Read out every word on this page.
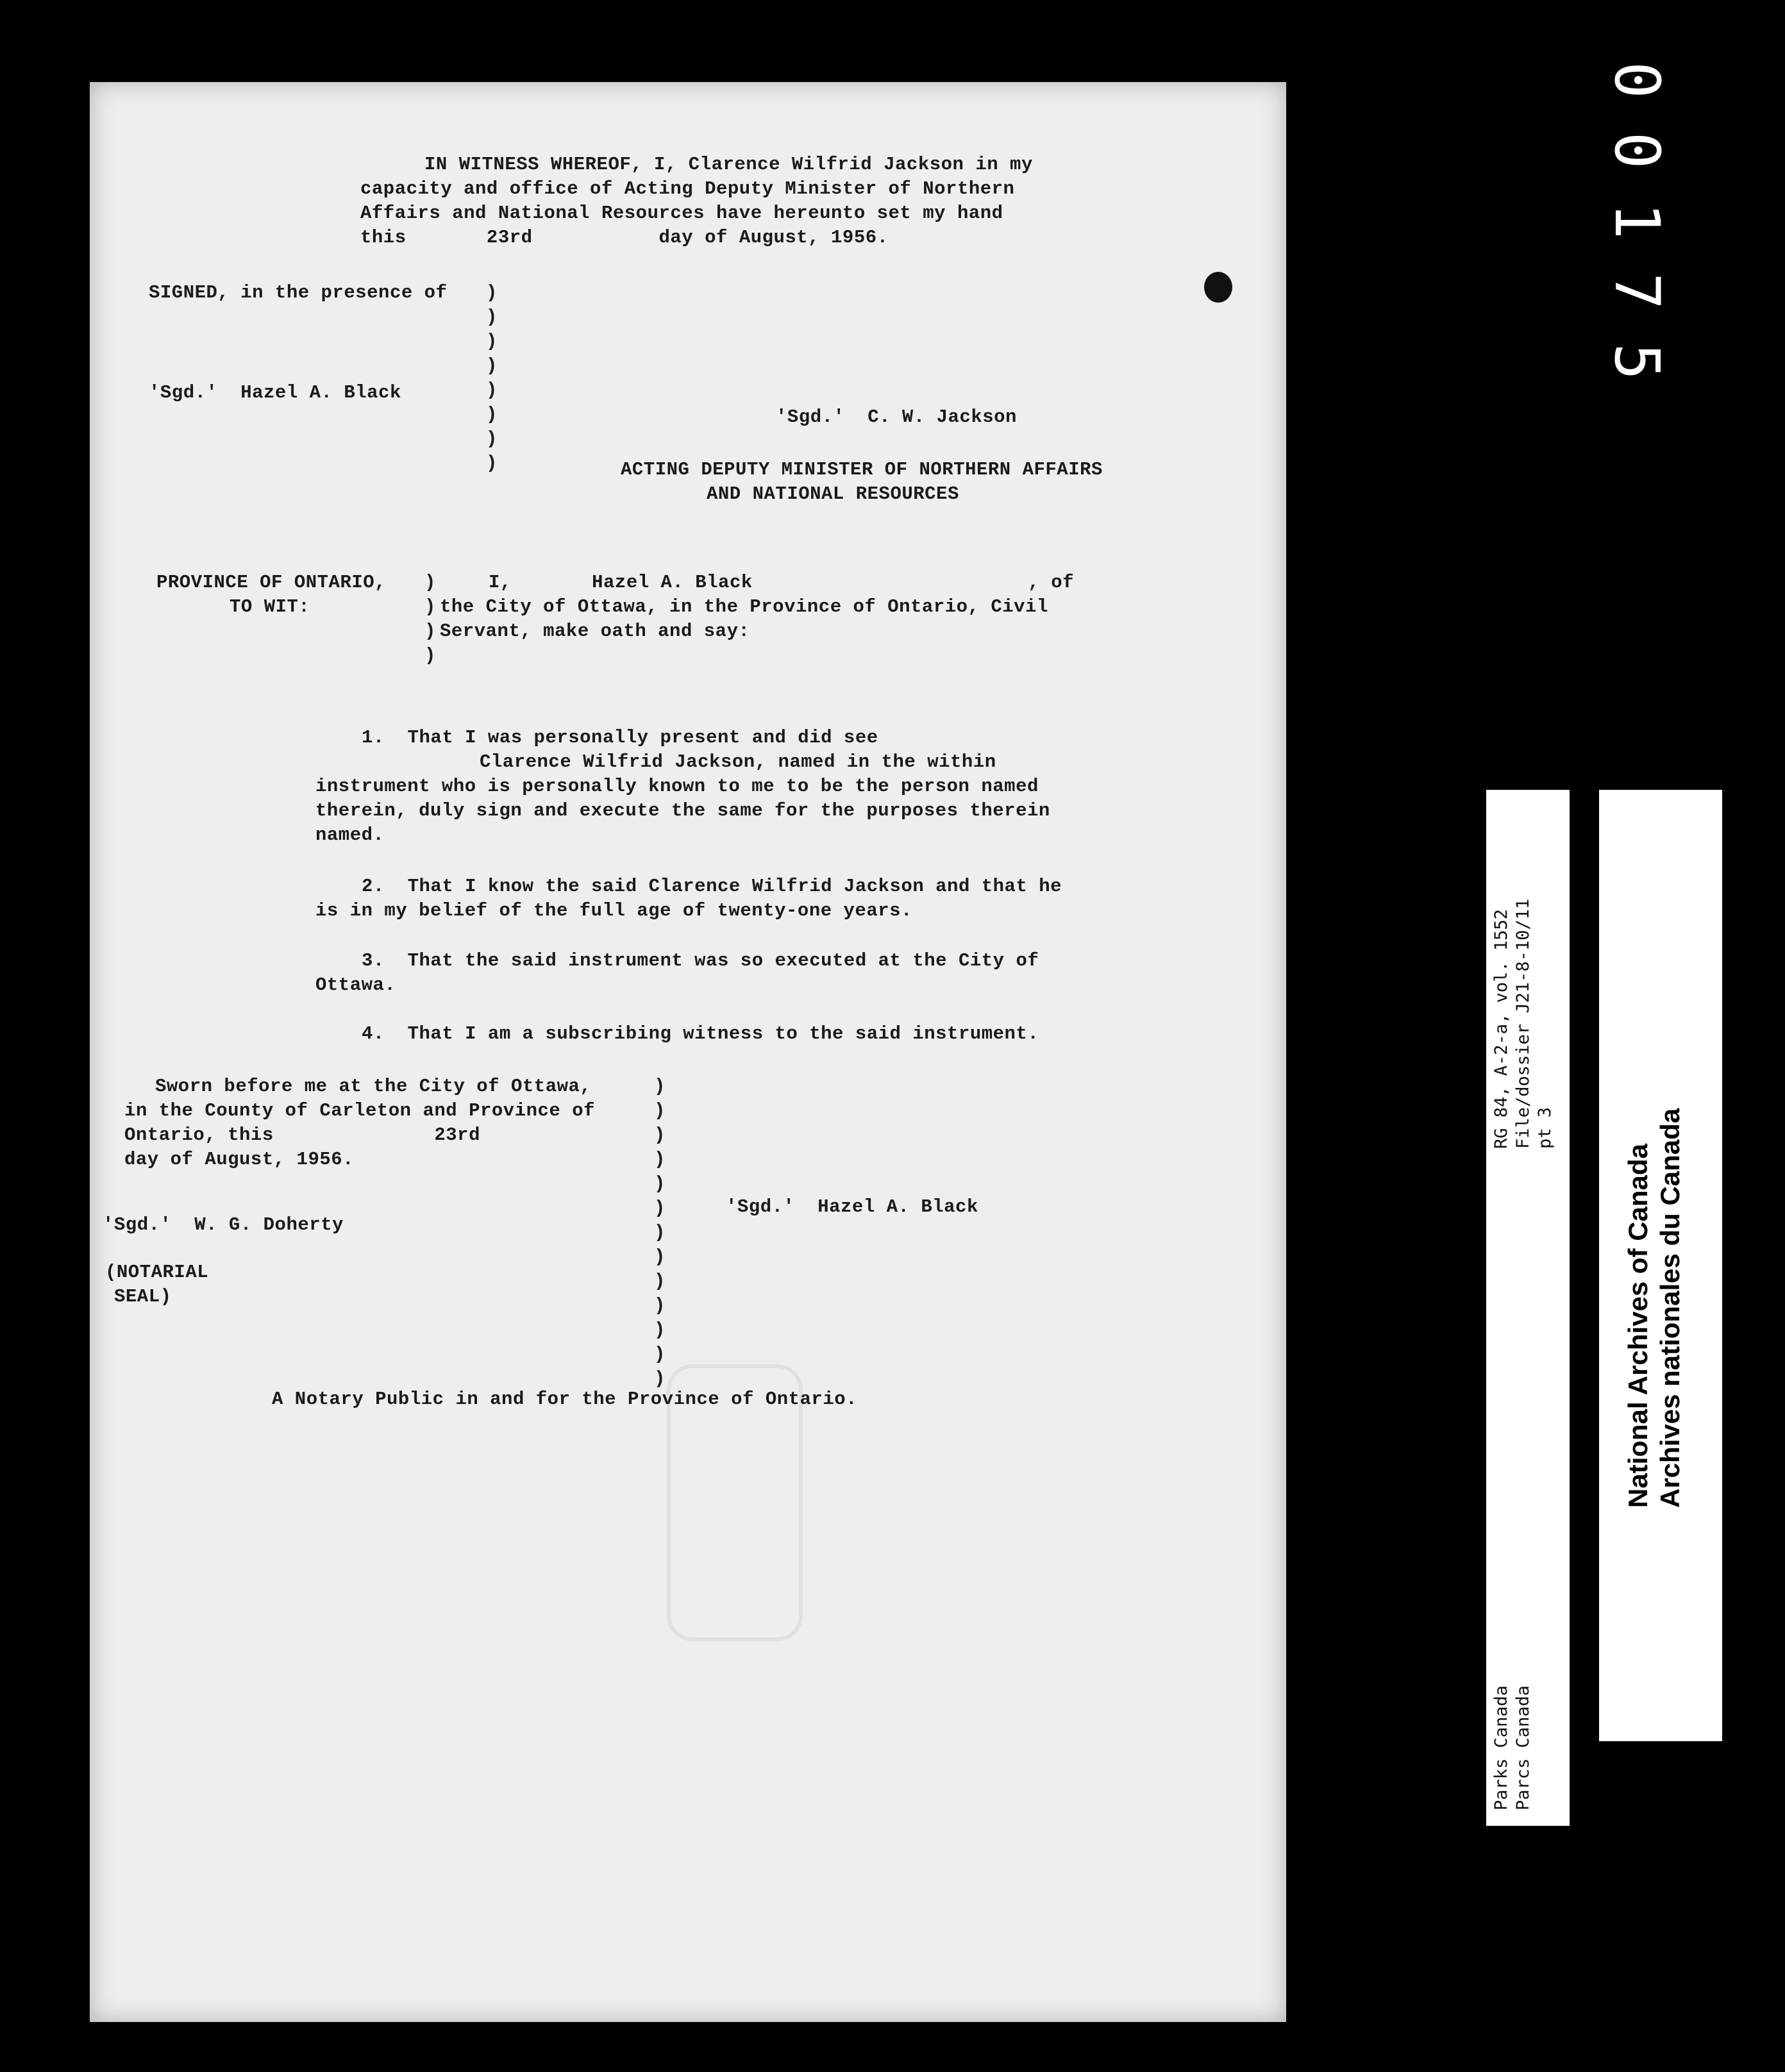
IN WITNESS WHEREOF, I, Clarence Wilfrid Jackson in my
capacity and office of Acting Deputy Minister of Northern
Affairs and National Resources have hereunto set my hand
this       23rd           day of August, 1956.
SIGNED, in the presence of )
)
)
)
)
)
)
)
'Sgd.'  Hazel A. Black
'Sgd.'  C. W. Jackson
ACTING DEPUTY MINISTER OF NORTHERN AFFAIRS
AND NATIONAL RESOURCES
PROVINCE OF ONTARIO,
TO WIT:
)
)
)
)
I,       Hazel A. Black                        , of
the City of Ottawa, in the Province of Ontario, Civil
Servant, make oath and say:
1.  That I was personally present and did see
Clarence Wilfrid Jackson, named in the within
instrument who is personally known to me to be the person named
therein, duly sign and execute the same for the purposes therein
named.
2.  That I know the said Clarence Wilfrid Jackson and that he
is in my belief of the full age of twenty-one years.
3.  That the said instrument was so executed at the City of
Ottawa.
4.  That I am a subscribing witness to the said instrument.
Sworn before me at the City of Ottawa,
in the County of Carleton and Province of
Ontario, this              23rd
day of August, 1956.
)
)
)
)
)
)
)
)
)
)
)
)
)
'Sgd.'  Hazel A. Black
'Sgd.'  W. G. Doherty
(NOTARIAL
SEAL)
A Notary Public in and for the Province of Ontario.
00175
Parks Canada Parcs Canada
RG 84, A-2-a, vol. 1552 File/dossier J21-8-10/11 pt 3
National Archives of Canada Archives nationales du Canada
